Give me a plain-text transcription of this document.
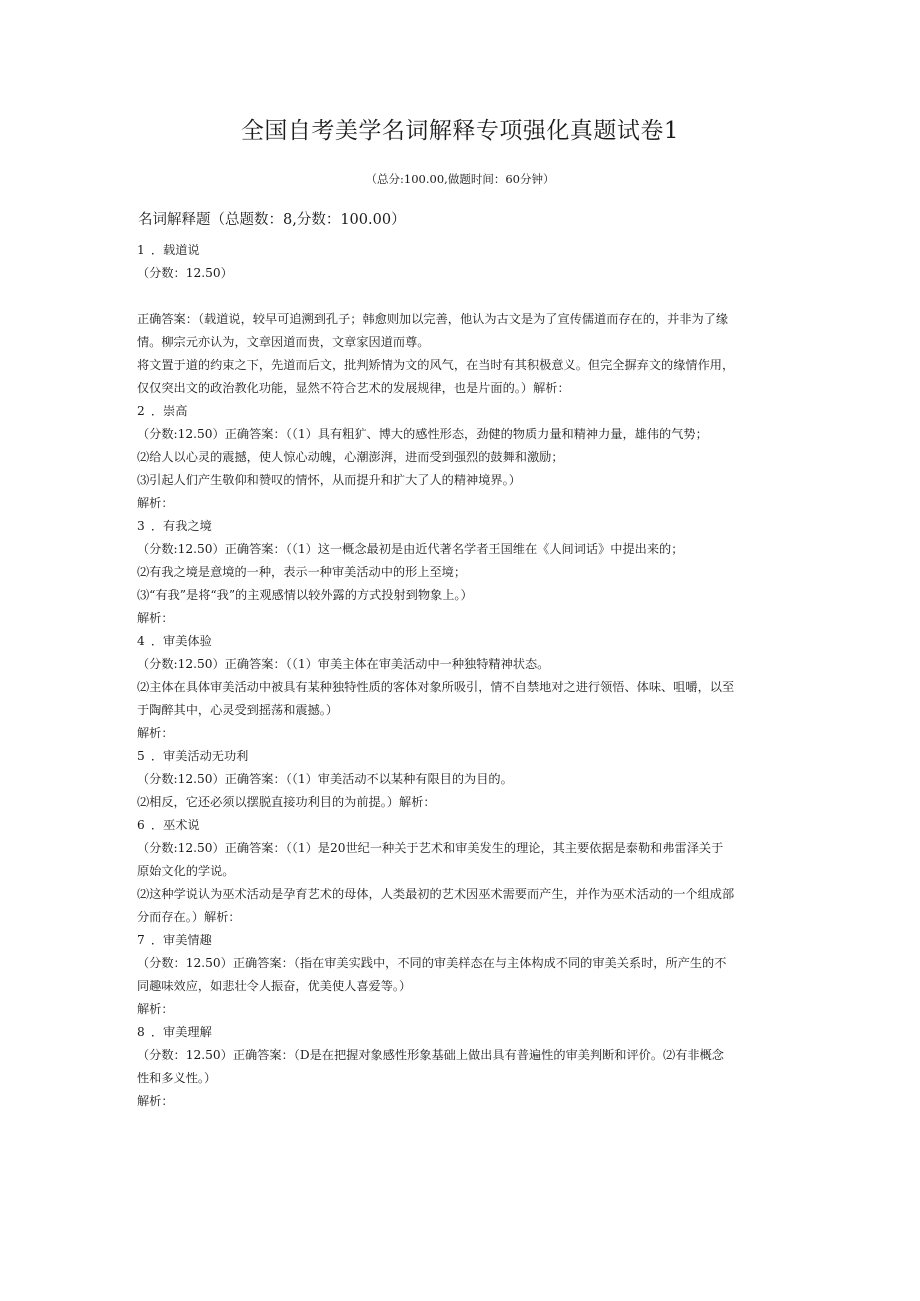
全国自考美学名词解释专项强化真题试卷1

（总分:100.00,做题时间：60分钟）

名词解释题（总题数：8,分数：100.00）
1  ．载道说
（分数：12.50）
正确答案：（载道说，较早可追溯到孔子；韩愈则加以完善，他认为古文是为了宣传儒道而存在的，并非为了缘
情。柳宗元亦认为，文章因道而贵，文章家因道而尊。
将文置于道的约束之下，先道而后文，批判矫情为文的风气，在当时有其积极意义。但完全摒弃文的缘情作用，
仅仅突出文的政治教化功能，显然不符合艺术的发展规律，也是片面的。）解析：
2  ．崇高
（分数:12.50）正确答案：（（1）具有粗犷、博大的感性形态，劲健的物质力量和精神力量，雄伟的气势；
⑵给人以心灵的震撼，使人惊心动魄，心潮澎湃，进而受到强烈的鼓舞和激励；
⑶引起人们产生敬仰和赞叹的情怀，从而提升和扩大了人的精神境界。）
解析：
3  ．有我之境
（分数:12.50）正确答案：（（1）这一概念最初是由近代著名学者王国维在《人间词话》中提出来的；
⑵有我之境是意境的一种，表示一种审美活动中的形上至境；
⑶“有我”是将“我”的主观感情以较外露的方式投射到物象上。）
解析：
4  ．审美体验
（分数:12.50）正确答案：（（1）审美主体在审美活动中一种独特精神状态。
⑵主体在具体审美活动中被具有某种独特性质的客体对象所吸引，情不自禁地对之进行领悟、体味、咀嚼，以至
于陶醉其中，心灵受到摇荡和震撼。）
解析：
5  ．审美活动无功利
（分数:12.50）正确答案：（（1）审美活动不以某种有限目的为目的。
⑵相反，它还必须以摆脱直接功利目的为前提。）解析：
6  ．巫术说
（分数:12.50）正确答案：（（1）是20世纪一种关于艺术和审美发生的理论，其主要依据是泰勒和弗雷泽关于
原始文化的学说。
⑵这种学说认为巫术活动是孕育艺术的母体，人类最初的艺术因巫术需要而产生，并作为巫术活动的一个组成部
分而存在。）解析：
7  ．审美情趣
（分数：12.50）正确答案：（指在审美实践中，不同的审美样态在与主体构成不同的审美关系时，所产生的不
同趣味效应，如悲壮令人振奋，优美使人喜爱等。）
解析：
8  ．审美理解
（分数：12.50）正确答案：（D是在把握对象感性形象基础上做出具有普遍性的审美判断和评价。⑵有非概念
性和多义性。）
解析：
